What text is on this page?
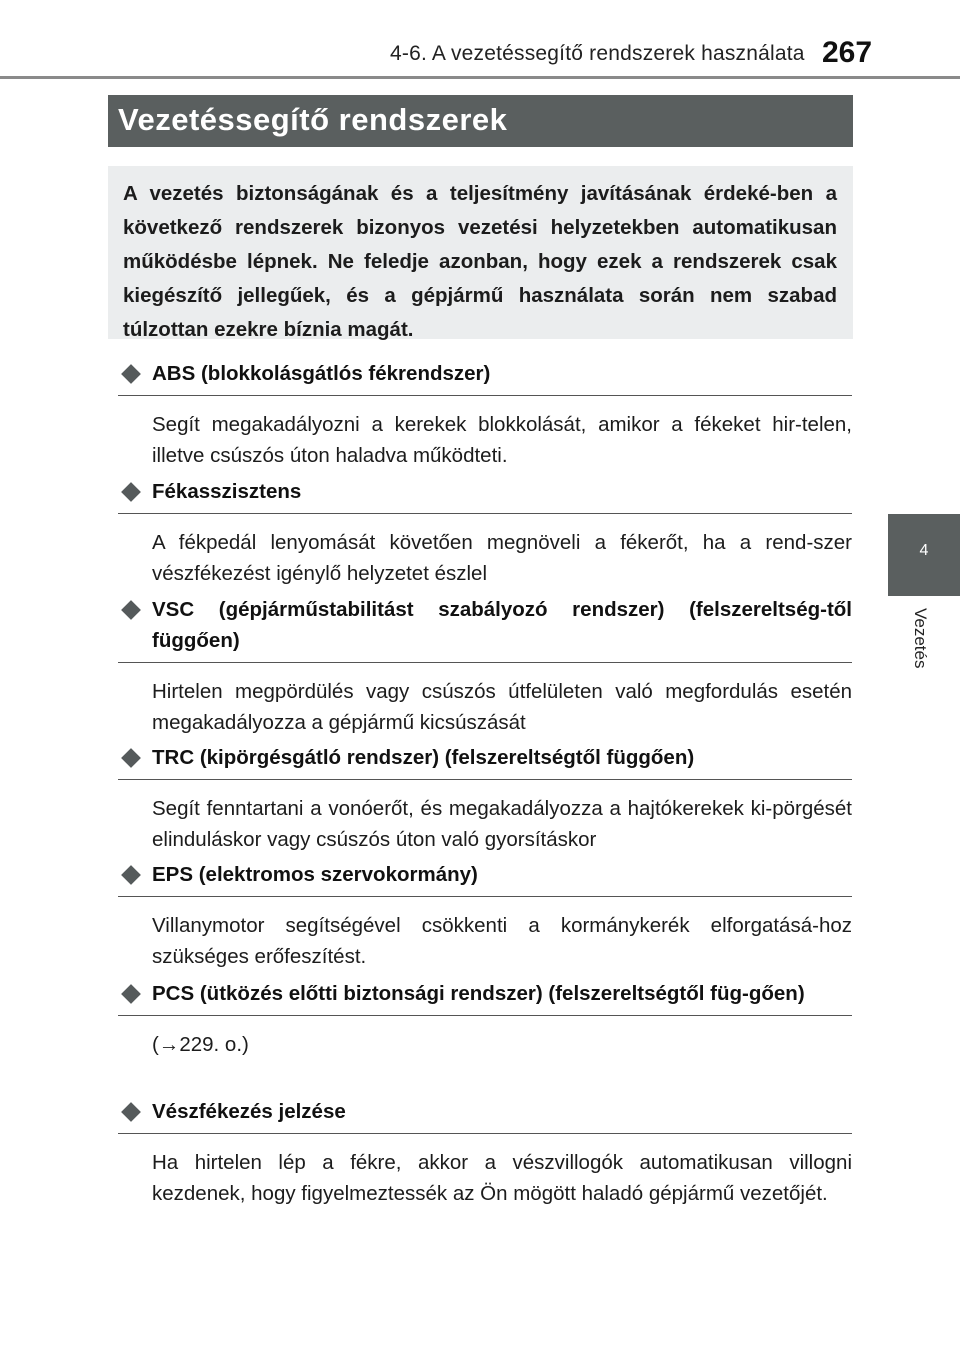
4-6. A vezetéssegítő rendszerek használata 267
Vezetéssegítő rendszerek
A vezetés biztonságának és a teljesítmény javításának érdeké-ben a következő rendszerek bizonyos vezetési helyzetekben automatikusan működésbe lépnek. Ne feledje azonban, hogy ezek a rendszerek csak kiegészítő jellegűek, és a gépjármű használata során nem szabad túlzottan ezekre bíznia magát.
4
Vezetés
ABS (blokkolásgátlós fékrendszer)
Segít megakadályozni a kerekek blokkolását, amikor a fékeket hir-telen, illetve csúszós úton haladva működteti.
Fékasszisztens
A fékpedál lenyomását követően megnöveli a fékerőt, ha a rend-szer vészfékezést igénylő helyzetet észlel
VSC (gépjárműstabilitást szabályozó rendszer) (felszereltség-től függően)
Hirtelen megpördülés vagy csúszós útfelületen való megfordulás esetén megakadályozza a gépjármű kicsúszását
TRC (kipörgésgátló rendszer) (felszereltségtől függően)
Segít fenntartani a vonóerőt, és megakadályozza a hajtókerekek ki-pörgését elinduláskor vagy csúszós úton való gyorsításkor
EPS (elektromos szervokormány)
Villanymotor segítségével csökkenti a kormánykerék elforgatásá-hoz szükséges erőfeszítést.
PCS (ütközés előtti biztonsági rendszer) (felszereltségtől füg-gően)
(→229. o.)
Vészfékezés jelzése
Ha hirtelen lép a fékre, akkor a vészvillogók automatikusan villogni kezdenek, hogy figyelmeztessék az Ön mögött haladó gépjármű vezetőjét.
